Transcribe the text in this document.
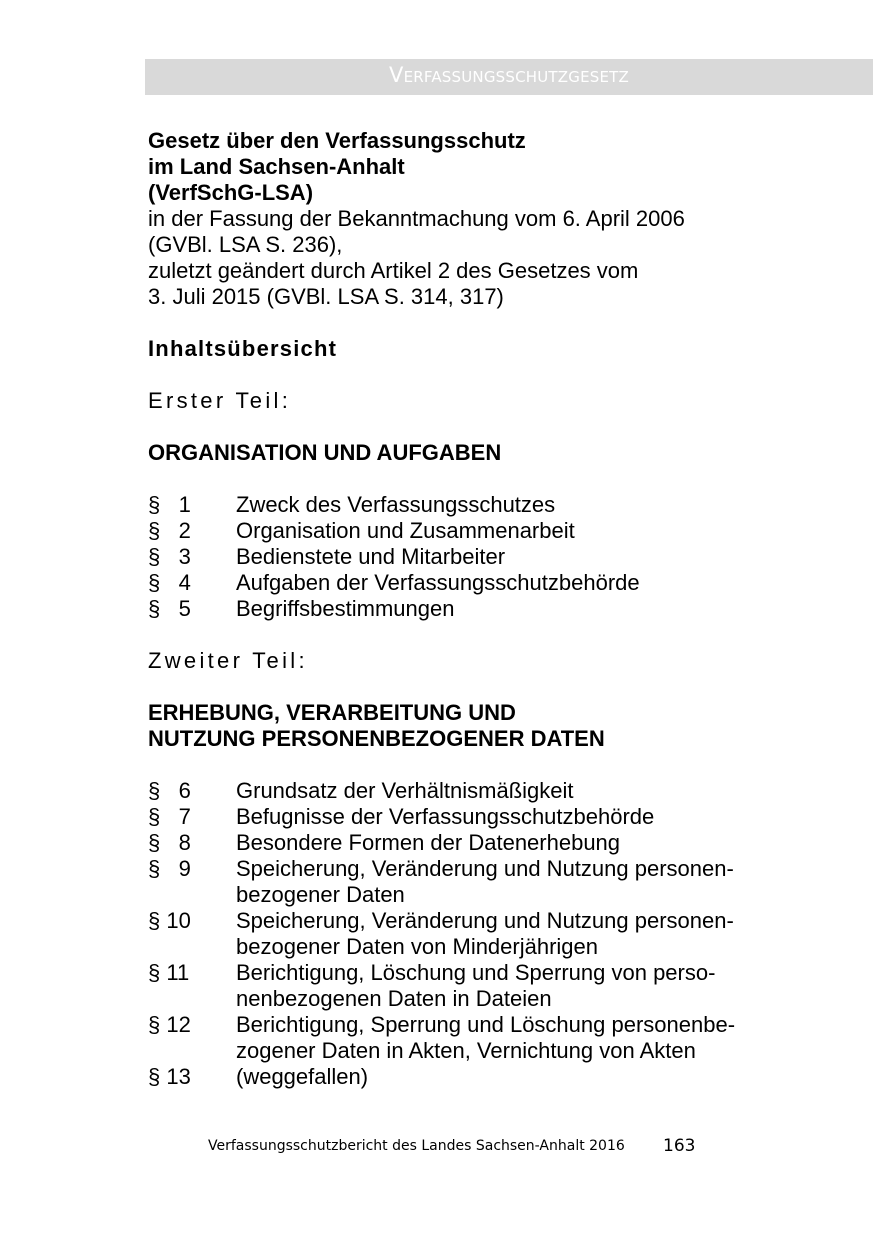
Verfassungsschutzgesetz
Gesetz über den Verfassungsschutz
im Land Sachsen-Anhalt
(VerfSchG-LSA)
in der Fassung der Bekanntmachung vom 6. April 2006
(GVBl. LSA S. 236),
zuletzt geändert durch Artikel 2 des Gesetzes vom
3. Juli 2015 (GVBl. LSA S. 314, 317)
Inhaltsübersicht
Erster Teil:
ORGANISATION UND AUFGABEN
§   1	Zweck des Verfassungsschutzes
§   2	Organisation und Zusammenarbeit
§   3	Bedienstete und Mitarbeiter
§   4	Aufgaben der Verfassungsschutzbehörde
§   5	Begriffsbestimmungen
Zweiter Teil:
ERHEBUNG, VERARBEITUNG UND
NUTZUNG PERSONENBEZOGENER DATEN
§   6	Grundsatz der Verhältnismäßigkeit
§   7	Befugnisse der Verfassungsschutzbehörde
§   8	Besondere Formen der Datenerhebung
§   9	Speicherung, Veränderung und Nutzung personen-
bezogener Daten
§ 10	Speicherung, Veränderung und Nutzung personen-
bezogener Daten von Minderjährigen
§ 11	Berichtigung, Löschung und Sperrung von perso-
nenbezogenen Daten in Dateien
§ 12	Berichtigung, Sperrung und Löschung personenbe-
zogener Daten in Akten, Vernichtung von Akten
§ 13	(weggefallen)
Verfassungsschutzbericht des Landes Sachsen-Anhalt 2016 163
